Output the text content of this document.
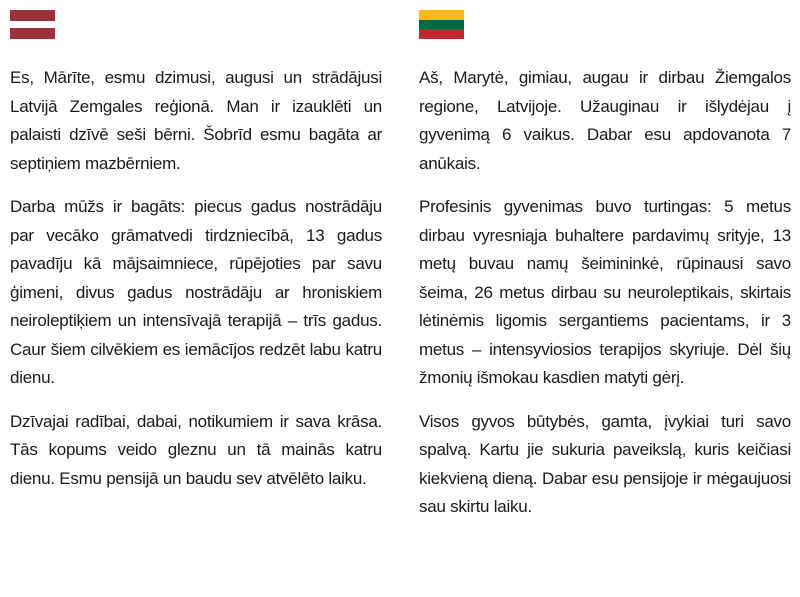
Es, Mārīte, esmu dzimusi, augusi un strādājusi Latvijā Zemgales reģionā. Man ir izauklēti un palaisti dzīvē seši bērni. Šobrīd esmu bagāta ar septiņiem mazbērniem.

Darba mūžs ir bagāts: piecus gadus nostrādāju par vecāko grāmatvedi tirdzniecībā, 13 gadus pavadīju kā mājsaimniece, rūpējoties par savu ģimeni, divus gadus nostrādāju ar hroniskiem neiroleptiķiem un intensīvajā terapijā – trīs gadus. Caur šiem cilvēkiem es iemācījos redzēt labu katru dienu.

Dzīvajai radībai, dabai, notikumiem ir sava krāsa. Tās kopums veido gleznu un tā mainās katru dienu. Esmu pensijā un baudu sev atvēlēto laiku.

Aš, Marytė, gimiau, augau ir dirbau Žiemgalos regione, Latvijoje. Užauginau ir išlydėjau į gyvenimą 6 vaikus. Dabar esu apdovanota 7 anūkais.

Profesinis gyvenimas buvo turtingas: 5 metus dirbau vyresniąja buhaltere pardavimų srityje, 13 metų buvau namų šeimininkė, rūpinausi savo šeima, 26 metus dirbau su neuroleptikais, skirtais lėtinėmis ligomis sergantiems pacientams, ir 3 metus – intensyviosios terapijos skyriuje. Dėl šių žmonių išmokau kasdien matyti gėrį.

Visos gyvos būtybės, gamta, įvykiai turi savo spalvą. Kartu jie sukuria paveikslą, kuris keičiasi kiekvieną dieną. Dabar esu pensijoje ir mėgaujuosi sau skirtu laiku.
